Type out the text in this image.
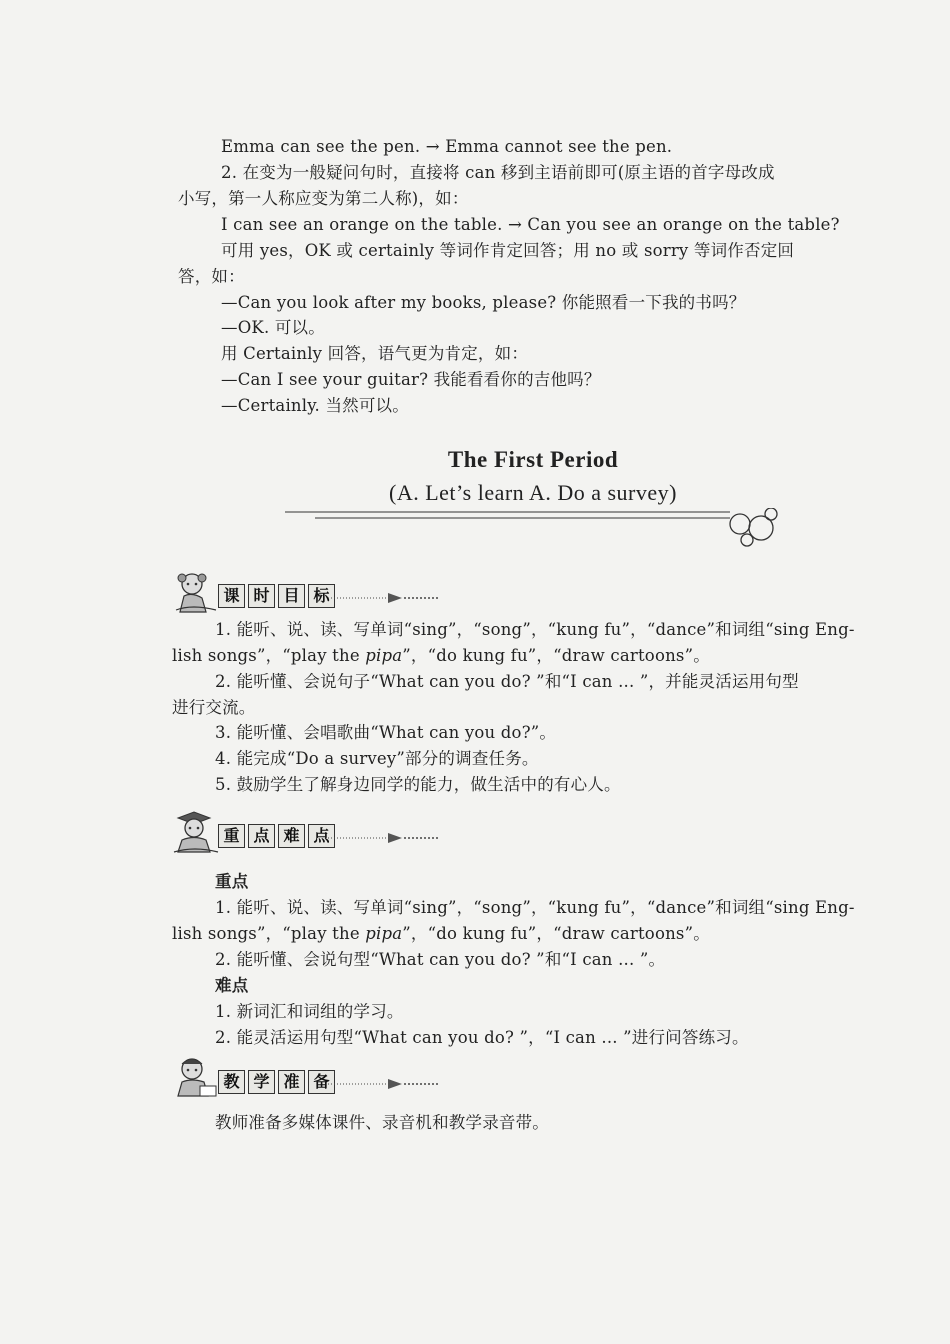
Emma can see the pen. → Emma cannot see the pen.
2. 在变为一般疑问句时，直接将 can 移到主语前即可(原主语的首字母改成
小写，第一人称应变为第二人称)，如：
I can see an orange on the table. → Can you see an orange on the table?
可用 yes，OK 或 certainly 等词作肯定回答；用 no 或 sorry 等词作否定回
答，如：
—Can you look after my books, please? 你能照看一下我的书吗？
—OK. 可以。
用 Certainly 回答，语气更为肯定，如：
—Can I see your guitar? 我能看看你的吉他吗？
—Certainly. 当然可以。
The First Period
(A. Let’s learn A. Do a survey)
课 时 目 标
1. 能听、说、读、写单词“sing”，“song”，“kung fu”，“dance”和词组“sing Eng-
lish songs”，“play the pipa”，“do kung fu”，“draw cartoons”。
2. 能听懂、会说句子“What can you do? ”和“I can ... ”，并能灵活运用句型
进行交流。
3. 能听懂、会唱歌曲“What can you do?”。
4. 能完成“Do a survey”部分的调查任务。
5. 鼓励学生了解身边同学的能力，做生活中的有心人。
重 点 难 点
重点
1. 能听、说、读、写单词“sing”，“song”，“kung fu”，“dance”和词组“sing Eng-
lish songs”，“play the pipa”，“do kung fu”，“draw cartoons”。
2. 能听懂、会说句型“What can you do? ”和“I can ... ”。
难点
1. 新词汇和词组的学习。
2. 能灵活运用句型“What can you do? ”，“I can ... ”进行问答练习。
教 学 准 备
教师准备多媒体课件、录音机和教学录音带。
